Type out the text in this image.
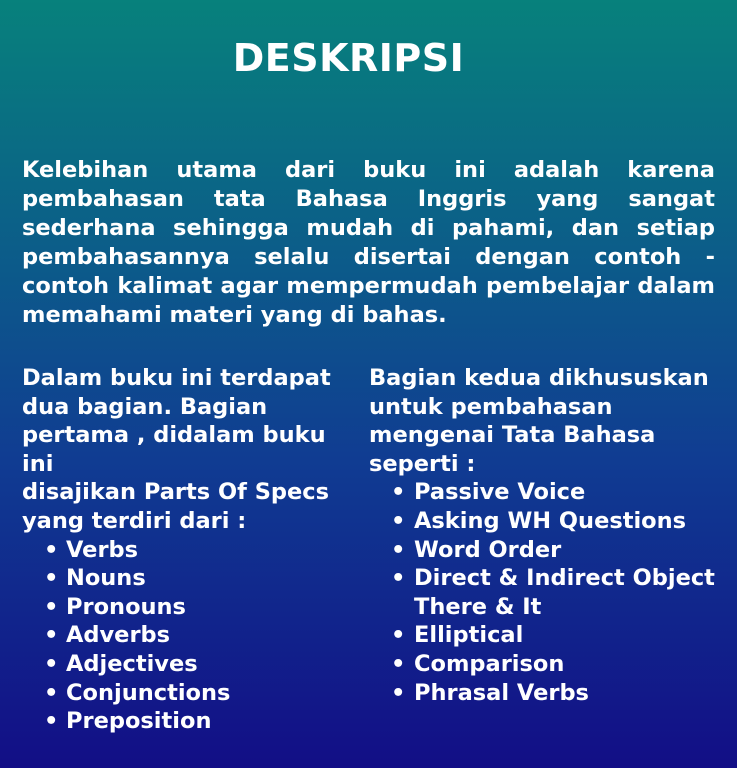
DESKRIPSI

Kelebihan utama dari buku ini adalah karena pembahasan tata Bahasa Inggris yang sangat sederhana sehingga mudah di pahami, dan setiap pembahasannya selalu disertai dengan contoh - contoh kalimat agar mempermudah pembelajar dalam memahami materi yang di bahas.

Dalam buku ini terdapat

dua bagian. Bagian

pertama , didalam buku ini

disajikan Parts Of Specs

yang terdiri dari :

• Verbs
• Nouns
• Pronouns
• Adverbs
• Adjectives
• Conjunctions
• Preposition

Bagian kedua dikhususkan

untuk pembahasan

mengenai Tata Bahasa

seperti :

• Passive Voice
• Asking WH Questions
• Word Order
• Direct & Indirect Object There & It
• Elliptical
• Comparison
• Phrasal Verbs
